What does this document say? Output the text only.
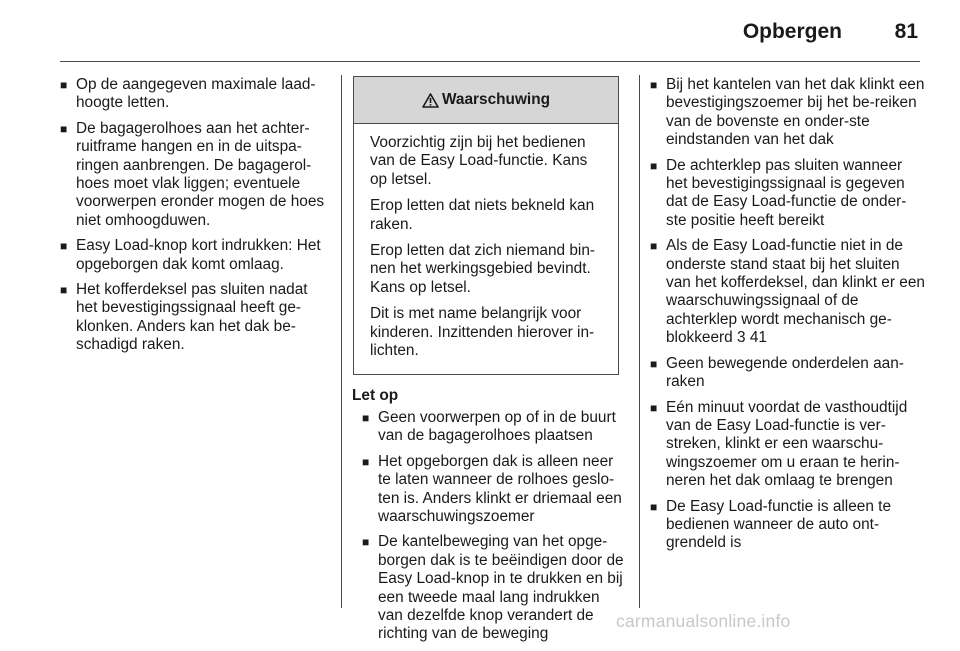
Opbergen	81
■ Op de aangegeven maximale laad-hoogte letten.
■ De bagagerolhoes aan het achter-ruitframe hangen en in de uitspa-ringen aanbrengen. De bagagerol-hoes moet vlak liggen; eventuele voorwerpen eronder mogen de hoes niet omhoogduwen.
■ Easy Load-knop kort indrukken: Het opgeborgen dak komt omlaag.
■ Het kofferdeksel pas sluiten nadat het bevestigingssignaal heeft ge-klonken. Anders kan het dak be-schadigd raken.
Waarschuwing

Voorzichtig zijn bij het bedienen van de Easy Load-functie. Kans op letsel.

Erop letten dat niets bekneld kan raken.

Erop letten dat zich niemand bin-nen het werkingsgebied bevindt. Kans op letsel.

Dit is met name belangrijk voor kinderen. Inzittenden hierover in-lichten.

Let op
■ Geen voorwerpen op of in de buurt van de bagagerolhoes plaatsen
■ Het opgeborgen dak is alleen neer te laten wanneer de rolhoes geslo-ten is. Anders klinkt er driemaal een waarschuwingszoemer
■ De kantelbeweging van het opge-borgen dak is te beëindigen door de Easy Load-knop in te drukken en bij een tweede maal lang indrukken van dezelfde knop verandert de richting van de beweging
■ Bij het kantelen van het dak klinkt een bevestigingszoemer bij het be-reiken van de bovenste en onder-ste eindstanden van het dak
■ De achterklep pas sluiten wanneer het bevestigingssignaal is gegeven dat de Easy Load-functie de onder-ste positie heeft bereikt
■ Als de Easy Load-functie niet in de onderste stand staat bij het sluiten van het kofferdeksel, dan klinkt er een waarschuwingssignaal of de achterklep wordt mechanisch ge-blokkeerd 3 41
■ Geen bewegende onderdelen aan-raken
■ Eén minuut voordat de vasthoudtijd van de Easy Load-functie is ver-streken, klinkt er een waarschu-wingszoemer om u eraan te herin-neren het dak omlaag te brengen
■ De Easy Load-functie is alleen te bedienen wanneer de auto ont-grendeld is
carmanualsonline.info
